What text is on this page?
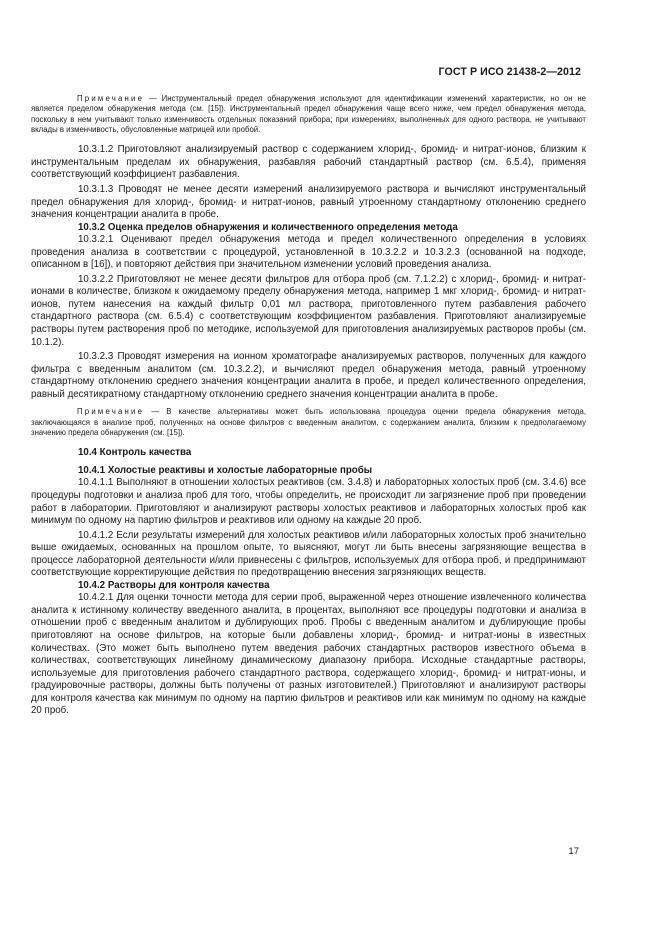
ГОСТ Р ИСО 21438-2—2012

Примечание — Инструментальный предел обнаружения используют для идентификации изменений характеристик, но он не является пределом обнаружения метода (см. [15]). Инструментальный предел обнаружения чаще всего ниже, чем предел обнаружения метода, поскольку в нем учитывают только изменчивость отдельных показаний прибора; при измерениях, выполненных для одного раствора, не учитывают вклады в изменчивость, обусловленные матрицей или пробой.

10.3.1.2 Приготовляют анализируемый раствор с содержанием хлорид-, бромид- и нитрат-ионов, близким к инструментальным пределам их обнаружения, разбавляя рабочий стандартный раствор (см. 6.5.4), применяя соответствующий коэффициент разбавления.

10.3.1.3 Проводят не менее десяти измерений анализируемого раствора и вычисляют инструментальный предел обнаружения для хлорид-, бромид- и нитрат-ионов, равный утроенному стандартному отклонению среднего значения концентрации аналита в пробе.

10.3.2 Оценка пределов обнаружения и количественного определения метода

10.3.2.1 Оценивают предел обнаружения метода и предел количественного определения в условиях проведения анализа в соответствии с процедурой, установленной в 10.3.2.2 и 10.3.2.3 (основанной на подходе, описанном в [16]), и повторяют действия при значительном изменении условий проведения анализа.

10.3.2.2 Приготовляют не менее десяти фильтров для отбора проб (см. 7.1.2.2) с хлорид-, бромид- и нитрат-ионами в количестве, близком к ожидаемому пределу обнаружения метода, например 1 мкг хлорид-, бромид- и нитрат-ионов, путем нанесения на каждый фильтр 0,01 мл раствора, приготовленного путем разбавления рабочего стандартного раствора (см. 6.5.4) с соответствующим коэффициентом разбавления. Приготовляют анализируемые растворы путем растворения проб по методике, используемой для приготовления анализируемых растворов пробы (см. 10.1.2).

10.3.2.3 Проводят измерения на ионном хроматографе анализируемых растворов, полученных для каждого фильтра с введенным аналитом (см. 10.3.2.2), и вычисляют предел обнаружения метода, равный утроенному стандартному отклонению среднего значения концентрации аналита в пробе, и предел количественного определения, равный десятикратному стандартному отклонению среднего значения концентрации аналита в пробе.

Примечание — В качестве альтернативы может быть использована процедура оценки предела обнаружения метода, заключающаяся в анализе проб, полученных на основе фильтров с введенным аналитом, с содержанием аналита, близким к предполагаемому значению предела обнаружения (см. [15]).

10.4 Контроль качества

10.4.1 Холостые реактивы и холостые лабораторные пробы

10.4.1.1 Выполняют в отношении холостых реактивов (см. 3.4.8) и лабораторных холостых проб (см. 3.4.6) все процедуры подготовки и анализа проб для того, чтобы определить, не происходит ли загрязнение проб при проведении работ в лаборатории. Приготовляют и анализируют растворы холостых реактивов и лабораторных холостых проб как минимум по одному на партию фильтров и реактивов или одному на каждые 20 проб.

10.4.1.2 Если результаты измерений для холостых реактивов и/или лабораторных холостых проб значительно выше ожидаемых, основанных на прошлом опыте, то выясняют, могут ли быть внесены загрязняющие вещества в процессе лабораторной деятельности и/или привнесены с фильтров, используемых для отбора проб, и предпринимают соответствующие корректирующие действия по предотвращению внесения загрязняющих веществ.

10.4.2 Растворы для контроля качества

10.4.2.1 Для оценки точности метода для серии проб, выраженной через отношение извлеченного количества аналита к истинному количеству введенного аналита, в процентах, выполняют все процедуры подготовки и анализа в отношении проб с введенным аналитом и дублирующих проб. Пробы с введенным аналитом и дублирующие пробы приготовляют на основе фильтров, на которые были добавлены хлорид-, бромид- и нитрат-ионы в известных количествах. (Это может быть выполнено путем введения рабочих стандартных растворов известного объема в количествах, соответствующих линейному динамическому диапазону прибора. Исходные стандартные растворы, используемые для приготовления рабочего стандартного раствора, содержащего хлорид-, бромид- и нитрат-ионы, и градуировочные растворы, должны быть получены от разных изготовителей.) Приготовляют и анализируют растворы для контроля качества как минимум по одному на партию фильтров и реактивов или как минимум по одному на каждые 20 проб.

17
